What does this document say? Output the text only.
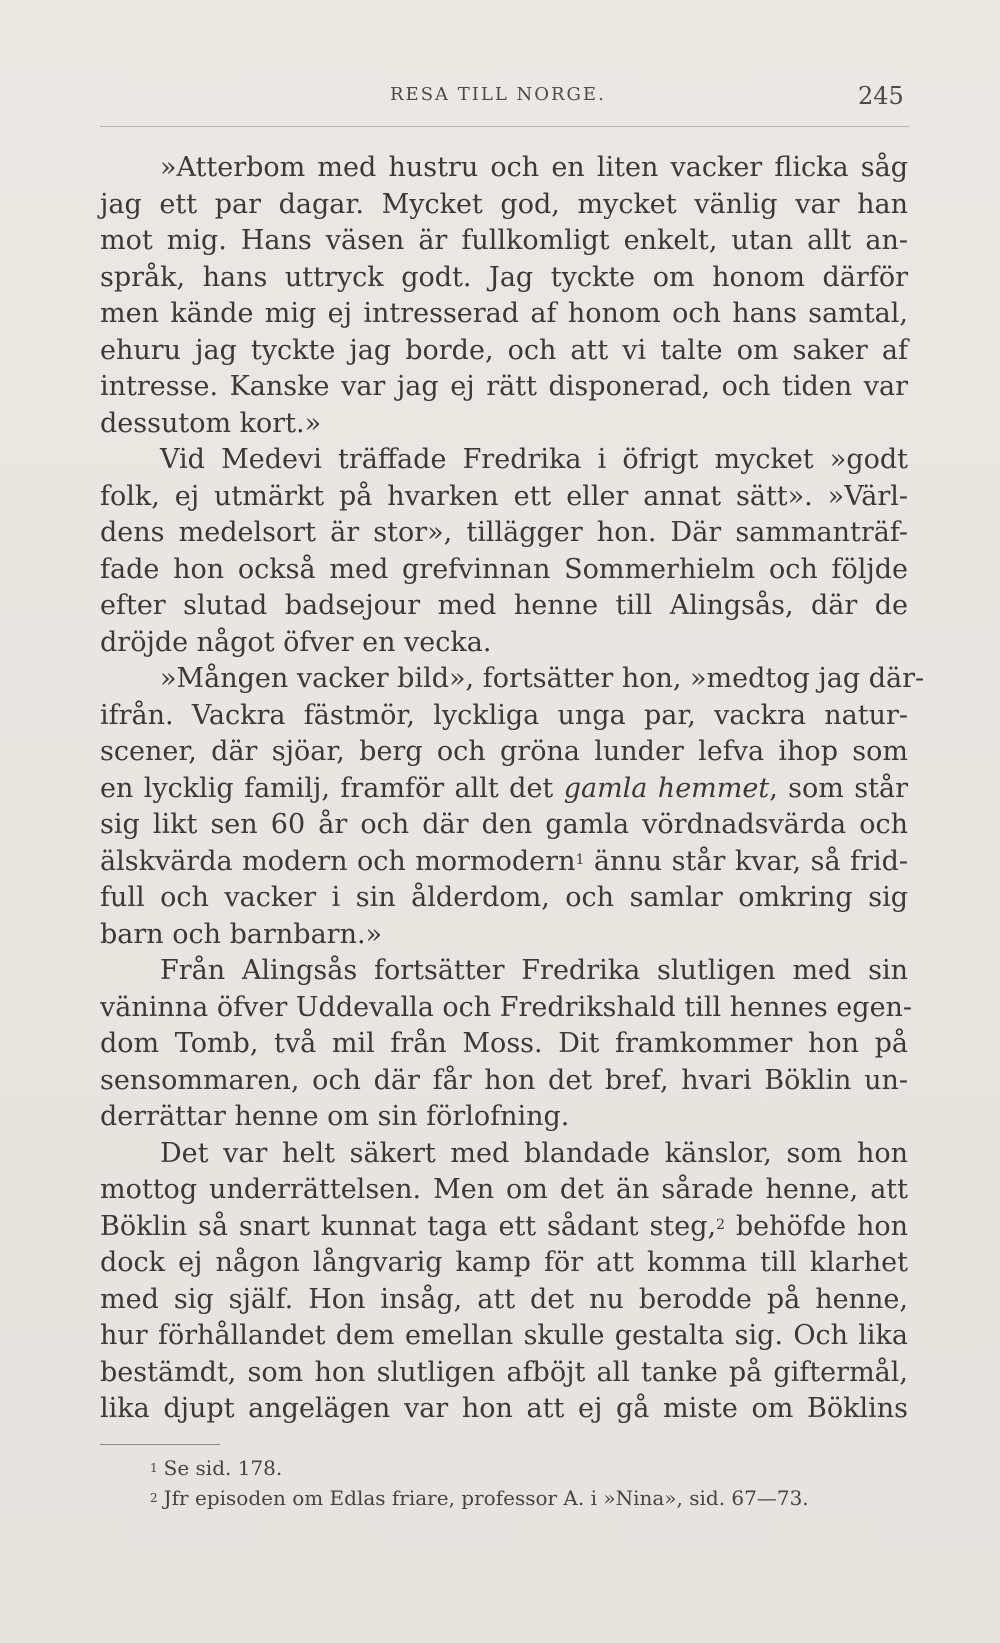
RESA TILL NORGE.	245
»Atterbom med hustru och en liten vacker flicka såg
jag ett par dagar. Mycket god, mycket vänlig var han
mot mig. Hans väsen är fullkomligt enkelt, utan allt an-
språk, hans uttryck godt. Jag tyckte om honom därför
men kände mig ej intresserad af honom och hans samtal,
ehuru jag tyckte jag borde, och att vi talte om saker af
intresse. Kanske var jag ej rätt disponerad, och tiden var
dessutom kort.»
Vid Medevi träffade Fredrika i öfrigt mycket »godt
folk, ej utmärkt på hvarken ett eller annat sätt». »Värl-
dens medelsort är stor», tillägger hon. Där sammanträf-
fade hon också med grefvinnan Sommerhielm och följde
efter slutad badsejour med henne till Alingsås, där de
dröjde något öfver en vecka.
»Mången vacker bild», fortsätter hon, »medtog jag där-
ifrån. Vackra fästmör, lyckliga unga par, vackra natur-
scener, där sjöar, berg och gröna lunder lefva ihop som
en lycklig familj, framför allt det gamla hemmet, som står
sig likt sen 60 år och där den gamla vördnadsvärda och
älskvärda modern och mormodern$^1$ ännu står kvar, så frid-
full och vacker i sin ålderdom, och samlar omkring sig
barn och barnbarn.»
Från Alingsås fortsätter Fredrika slutligen med sin
väninna öfver Uddevalla och Fredrikshald till hennes egen-
dom Tomb, två mil från Moss. Dit framkommer hon på
sensommaren, och där får hon det bref, hvari Böklin un-
derrättar henne om sin förlofning.
Det var helt säkert med blandade känslor, som hon
mottog underrättelsen. Men om det än sårade henne, att
Böklin så snart kunnat taga ett sådant steg,$^2$ behöfde hon
dock ej någon långvarig kamp för att komma till klarhet
med sig själf. Hon insåg, att det nu berodde på henne,
hur förhållandet dem emellan skulle gestalta sig. Och lika
bestämdt, som hon slutligen afböjt all tanke på giftermål,
lika djupt angelägen var hon att ej gå miste om Böklins
$^1$ Se sid. 178.
$^2$ Jfr episoden om Edlas friare, professor A. i »Nina», sid. 67—73.
